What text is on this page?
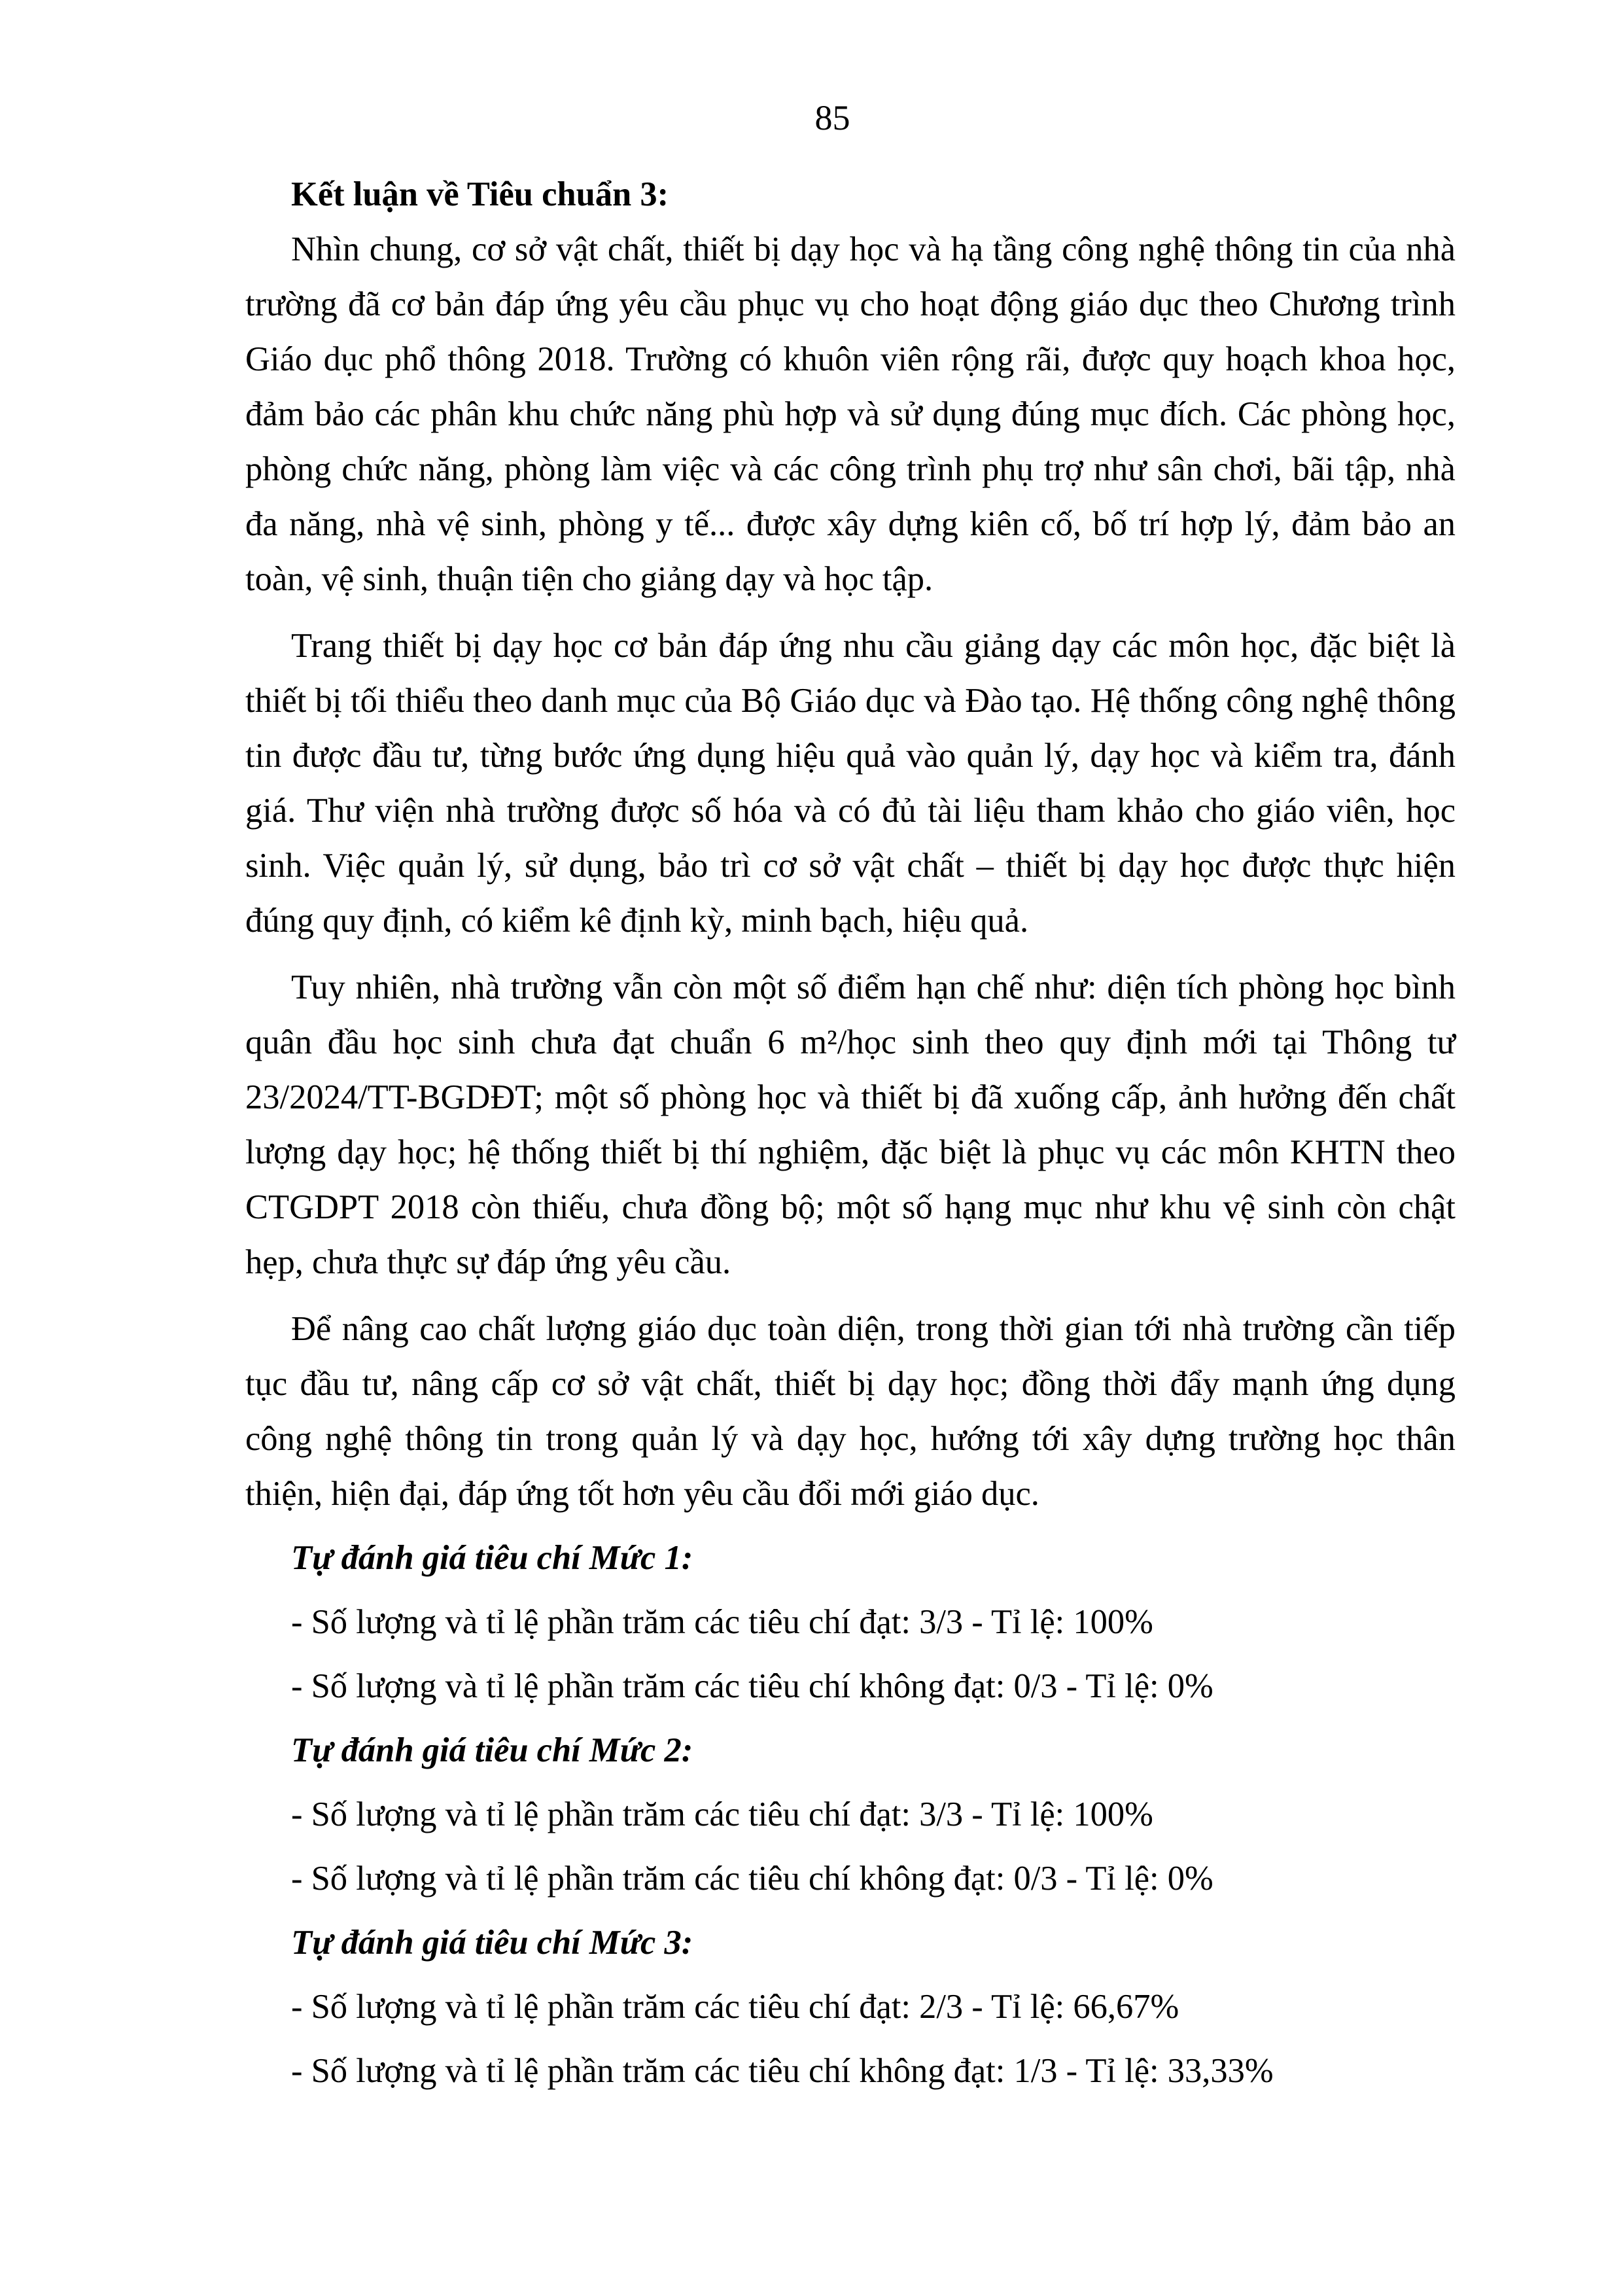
85

Kết luận về Tiêu chuẩn 3:

Nhìn chung, cơ sở vật chất, thiết bị dạy học và hạ tầng công nghệ thông tin của nhà trường đã cơ bản đáp ứng yêu cầu phục vụ cho hoạt động giáo dục theo Chương trình Giáo dục phổ thông 2018. Trường có khuôn viên rộng rãi, được quy hoạch khoa học, đảm bảo các phân khu chức năng phù hợp và sử dụng đúng mục đích. Các phòng học, phòng chức năng, phòng làm việc và các công trình phụ trợ như sân chơi, bãi tập, nhà đa năng, nhà vệ sinh, phòng y tế... được xây dựng kiên cố, bố trí hợp lý, đảm bảo an toàn, vệ sinh, thuận tiện cho giảng dạy và học tập.

Trang thiết bị dạy học cơ bản đáp ứng nhu cầu giảng dạy các môn học, đặc biệt là thiết bị tối thiểu theo danh mục của Bộ Giáo dục và Đào tạo. Hệ thống công nghệ thông tin được đầu tư, từng bước ứng dụng hiệu quả vào quản lý, dạy học và kiểm tra, đánh giá. Thư viện nhà trường được số hóa và có đủ tài liệu tham khảo cho giáo viên, học sinh. Việc quản lý, sử dụng, bảo trì cơ sở vật chất – thiết bị dạy học được thực hiện đúng quy định, có kiểm kê định kỳ, minh bạch, hiệu quả.

Tuy nhiên, nhà trường vẫn còn một số điểm hạn chế như: diện tích phòng học bình quân đầu học sinh chưa đạt chuẩn 6 m²/học sinh theo quy định mới tại Thông tư 23/2024/TT-BGDĐT; một số phòng học và thiết bị đã xuống cấp, ảnh hưởng đến chất lượng dạy học; hệ thống thiết bị thí nghiệm, đặc biệt là phục vụ các môn KHTN theo CTGDPT 2018 còn thiếu, chưa đồng bộ; một số hạng mục như khu vệ sinh còn chật hẹp, chưa thực sự đáp ứng yêu cầu.

Để nâng cao chất lượng giáo dục toàn diện, trong thời gian tới nhà trường cần tiếp tục đầu tư, nâng cấp cơ sở vật chất, thiết bị dạy học; đồng thời đẩy mạnh ứng dụng công nghệ thông tin trong quản lý và dạy học, hướng tới xây dựng trường học thân thiện, hiện đại, đáp ứng tốt hơn yêu cầu đổi mới giáo dục.

Tự đánh giá tiêu chí Mức 1:

- Số lượng và tỉ lệ phần trăm các tiêu chí đạt: 3/3 - Tỉ lệ: 100%

- Số lượng và tỉ lệ phần trăm các tiêu chí không đạt: 0/3 - Tỉ lệ: 0%

Tự đánh giá tiêu chí Mức 2:

- Số lượng và tỉ lệ phần trăm các tiêu chí đạt: 3/3 - Tỉ lệ: 100%

- Số lượng và tỉ lệ phần trăm các tiêu chí không đạt: 0/3 - Tỉ lệ: 0%

Tự đánh giá tiêu chí Mức 3:

- Số lượng và tỉ lệ phần trăm các tiêu chí đạt: 2/3 - Tỉ lệ: 66,67%

- Số lượng và tỉ lệ phần trăm các tiêu chí không đạt: 1/3 - Tỉ lệ: 33,33%
